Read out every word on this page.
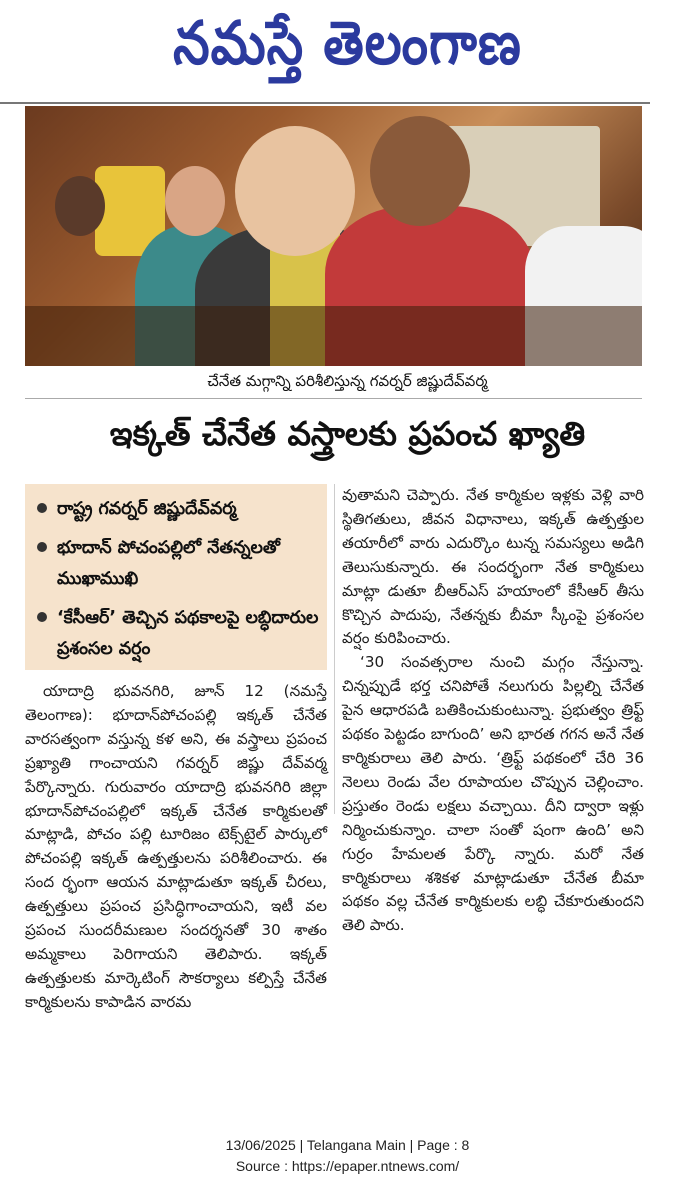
నమస్తే తెలంగాణ
చేనేత మగ్గాన్ని పరిశీలిస్తున్న గవర్నర్ జిష్ణుదేవ్‌వర్మ
ఇక్కత్ చేనేత వస్త్రాలకు ప్రపంచ ఖ్యాతి
రాష్ట్ర గవర్నర్ జిష్ణుదేవ్‌వర్మ
భూదాన్ పోచంపల్లిలో నేతన్నలతో ముఖాముఖి
‘కేసీఆర్’ తెచ్చిన పథకాలపై లబ్ధిదారుల ప్రశంసల వర్షం

యాదాద్రి భువనగిరి, జూన్ 12 (నమస్తే తెలంగాణ): భూదాన్‌పోచంపల్లి ఇక్కత్ చేనేత వారసత్వంగా వస్తున్న కళ అని, ఈ వస్త్రాలు ప్రపంచ ప్రఖ్యాతి గాంచాయని గవర్నర్ జిష్ణు దేవ్‌వర్మ పేర్కొన్నారు. గురువారం యాదాద్రి భువనగిరి జిల్లా భూదాన్‌పోచంపల్లిలో ఇక్కత్ చేనేత కార్మికులతో మాట్లాడి, పోచం పల్లి టూరిజం టెక్స్‌టైల్ పార్కులో పోచంపల్లి ఇక్కత్ ఉత్పత్తులను పరిశీలించారు. ఈ సంద ర్భంగా ఆయన మాట్లాడుతూ ఇక్కత్ చీరలు, ఉత్పత్తులు ప్రపంచ ప్రసిద్ధిగాంచాయని, ఇటీ వల ప్రపంచ సుందరీమణుల సందర్శనతో 30 శాతం అమ్మకాలు పెరిగాయని తెలిపారు. ఇక్కత్ ఉత్పత్తులకు మార్కెటింగ్ సౌకర్యాలు కల్పిస్తే చేనేత కార్మికులను కాపాడిన వారమ

వుతామని చెప్పారు. నేత కార్మికుల ఇళ్లకు వెళ్లి వారి స్థితిగతులు, జీవన విధానాలు, ఇక్కత్ ఉత్పత్తుల తయారీలో వారు ఎదుర్కొం టున్న సమస్యలు అడిగి తెలుసుకున్నారు. ఈ సందర్భంగా నేత కార్మికులు మాట్లా డుతూ బీఆర్‌ఎస్ హయాంలో కేసీఆర్ తీసు కొచ్చిన పాదుపు, నేతన్నకు బీమా స్కీంపై ప్రశంసల వర్షం కురిపించారు.

‘30 సంవత్సరాల నుంచి మగ్గం నేస్తున్నా. చిన్నప్పుడే భర్త చనిపోతే నలుగురు పిల్లల్ని చేనేత పైన ఆధారపడి బతికించుకుంటున్నా. ప్రభుత్వం త్రిఫ్ట్ పథకం పెట్టడం బాగుంది’ అని భారత గగన అనే నేత కార్మికురాలు తెలి పారు. ‘త్రిఫ్ట్ పథకంలో చేరి 36 నెలలు రెండు వేల రూపాయల చొప్పున చెల్లించాం. ప్రస్తుతం రెండు లక్షలు వచ్చాయి. దీని ద్వారా ఇళ్లు నిర్మించుకున్నాం. చాలా సంతో షంగా ఉంది’ అని గుర్రం హేమలత పేర్కొ న్నారు. మరో నేత కార్మికురాలు శశికళ మాట్లాడుతూ చేనేత బీమా పథకం వల్ల చేనేత కార్మికులకు లబ్ధి చేకూరుతుందని తెలి పారు.

13/06/2025 | Telangana Main | Page : 8
Source : https://epaper.ntnews.com/
